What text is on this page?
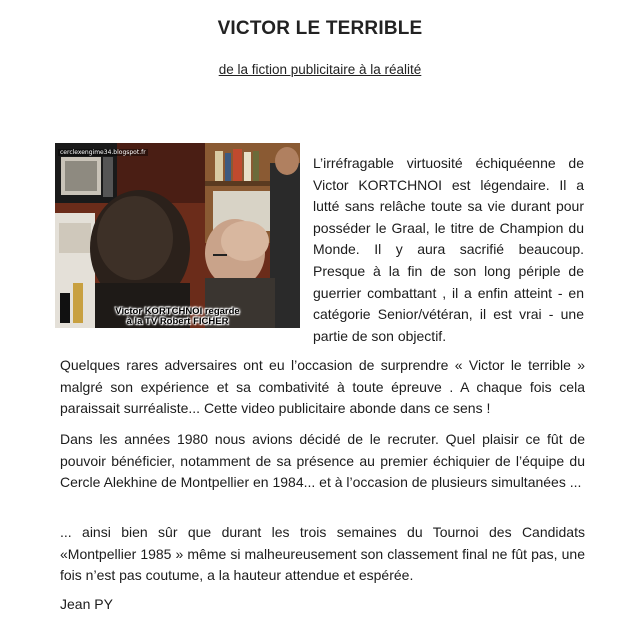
VICTOR LE TERRIBLE
de la fiction publicitaire à la réalité
cerclexengime34.blogspot.fr
Victor KORTCHNOI regarde
à la TV Robert FICHER
L’irréfragable virtuosité échiquéenne de Victor KORTCHNOI est légendaire. Il a lutté sans relâche toute sa vie durant pour posséder le Graal, le titre de Champion du Monde. Il y aura sacrifié beaucoup. Presque à la fin de son long périple de guerrier combattant , il a enfin atteint - en catégorie Senior/vétéran, il est vrai - une partie de son objectif.
Quelques rares adversaires ont eu l’occasion de surprendre « Victor le terrible » malgré son expérience et sa combativité à toute épreuve . A chaque fois cela paraissait surréaliste... Cette video publicitaire abonde dans ce sens !
Dans les années 1980 nous avions décidé de le recruter. Quel plaisir ce fût de pouvoir bénéficier, notamment de sa présence au premier échiquier de l’équipe du Cercle Alekhine de Montpellier en 1984... et à l’occasion de plusieurs simultanées ...
... ainsi bien sûr que durant les trois semaines du Tournoi des Candidats «Montpellier 1985 » même si malheureusement son classement final ne fût pas, une fois n’est pas coutume, a la hauteur attendue et espérée.
Jean PY
